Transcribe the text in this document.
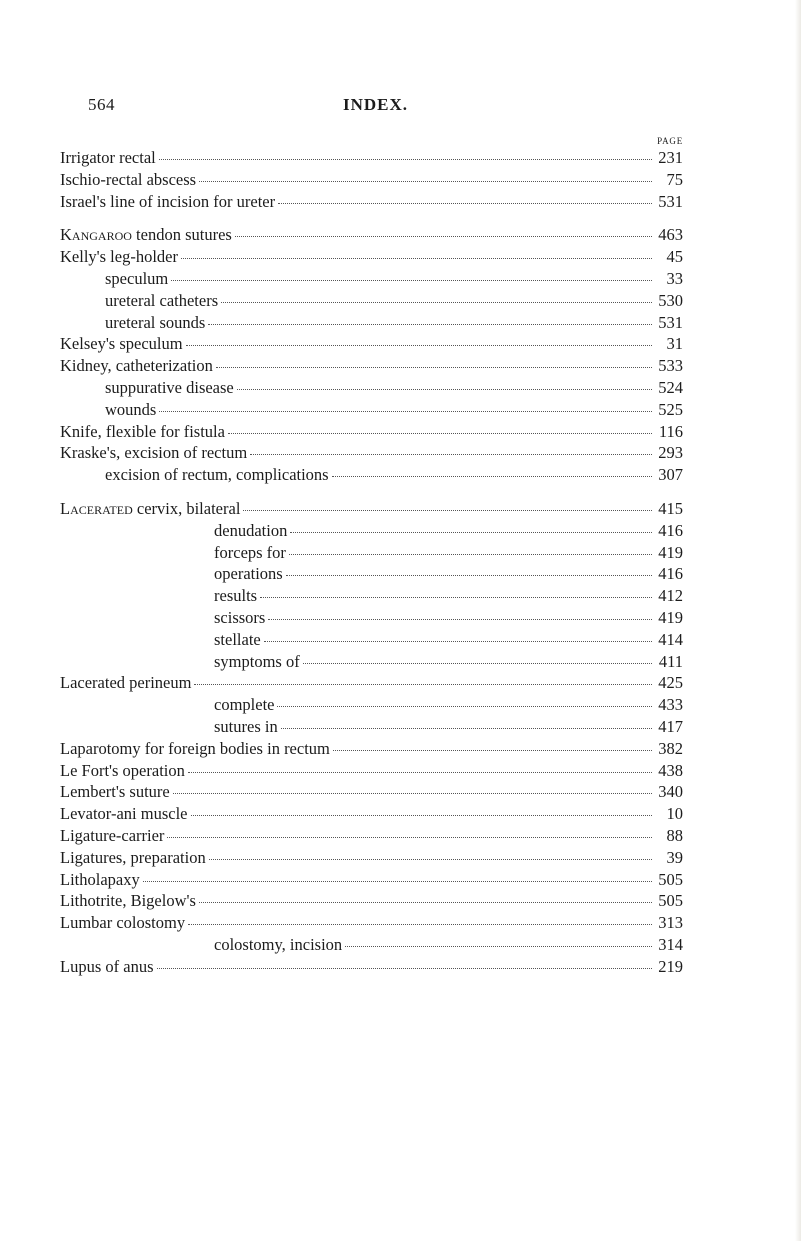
564	INDEX.
PAGE
Irrigator rectal	231
Ischio-rectal abscess	75
Israel's line of incision for ureter	531
Kangaroo tendon sutures	463
Kelly's leg-holder	45
speculum	33
ureteral catheters	530
ureteral sounds	531
Kelsey's speculum	31
Kidney, catheterization	533
suppurative disease	524
wounds	525
Knife, flexible for fistula	116
Kraske's, excision of rectum	293
excision of rectum, complications	307
Lacerated cervix, bilateral	415
denudation	416
forceps for	419
operations	416
results	412
scissors	419
stellate	414
symptoms of	411
Lacerated perineum	425
complete	433
sutures in	417
Laparotomy for foreign bodies in rectum	382
Le Fort's operation	438
Lembert's suture	340
Levator-ani muscle	10
Ligature-carrier	88
Ligatures, preparation	39
Litholapaxy	505
Lithotrite, Bigelow's	505
Lumbar colostomy	313
colostomy, incision	314
Lupus of anus	219
